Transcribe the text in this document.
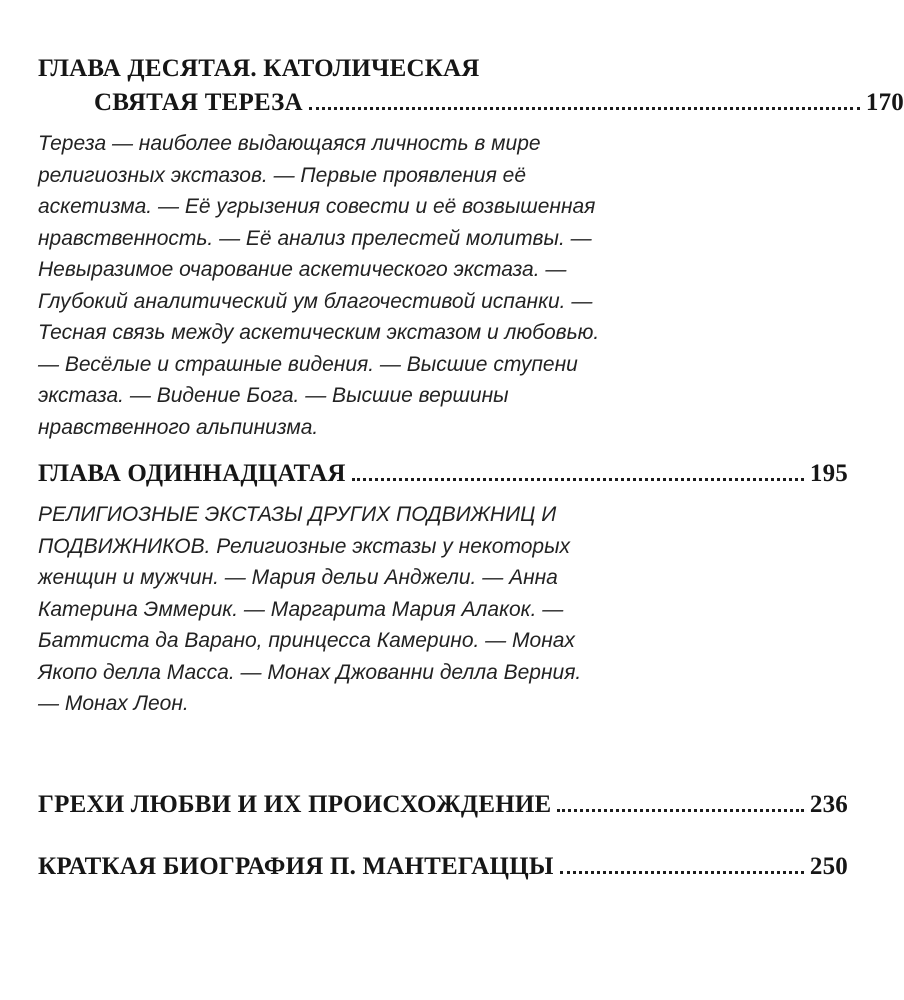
ГЛАВА ДЕСЯТАЯ. КАТОЛИЧЕСКАЯ
СВЯТАЯ ТЕРЕЗА	170
Тереза — наиболее выдающаяся личность в мире
религиозных экстазов. — Первые проявления её
аскетизма. — Её угрызения совести и её возвышенная
нравственность. — Её анализ прелестей молитвы. —
Невыразимое очарование аскетического экстаза. —
Глубокий аналитический ум благочестивой испанки. —
Тесная связь между аскетическим экстазом и любовью.
— Весёлые и страшные видения. — Высшие ступени
экстаза. — Видение Бога. — Высшие вершины
нравственного альпинизма.
ГЛАВА ОДИННАДЦАТАЯ	195
РЕЛИГИОЗНЫЕ ЭКСТАЗЫ ДРУГИХ ПОДВИЖНИЦ И
ПОДВИЖНИКОВ. Религиозные экстазы у некоторых
женщин и мужчин. — Мария дельи Анджели. — Анна
Катерина Эммерик. — Маргарита Мария Алакок. —
Баттиста да Варано, принцесса Камерино. — Монах
Якопо делла Масса. — Монах Джованни делла Верния.
— Монах Леон.
ГРЕХИ ЛЮБВИ И ИХ ПРОИСХОЖДЕНИЕ	236
КРАТКАЯ БИОГРАФИЯ П. МАНТЕГАЦЦЫ	250
